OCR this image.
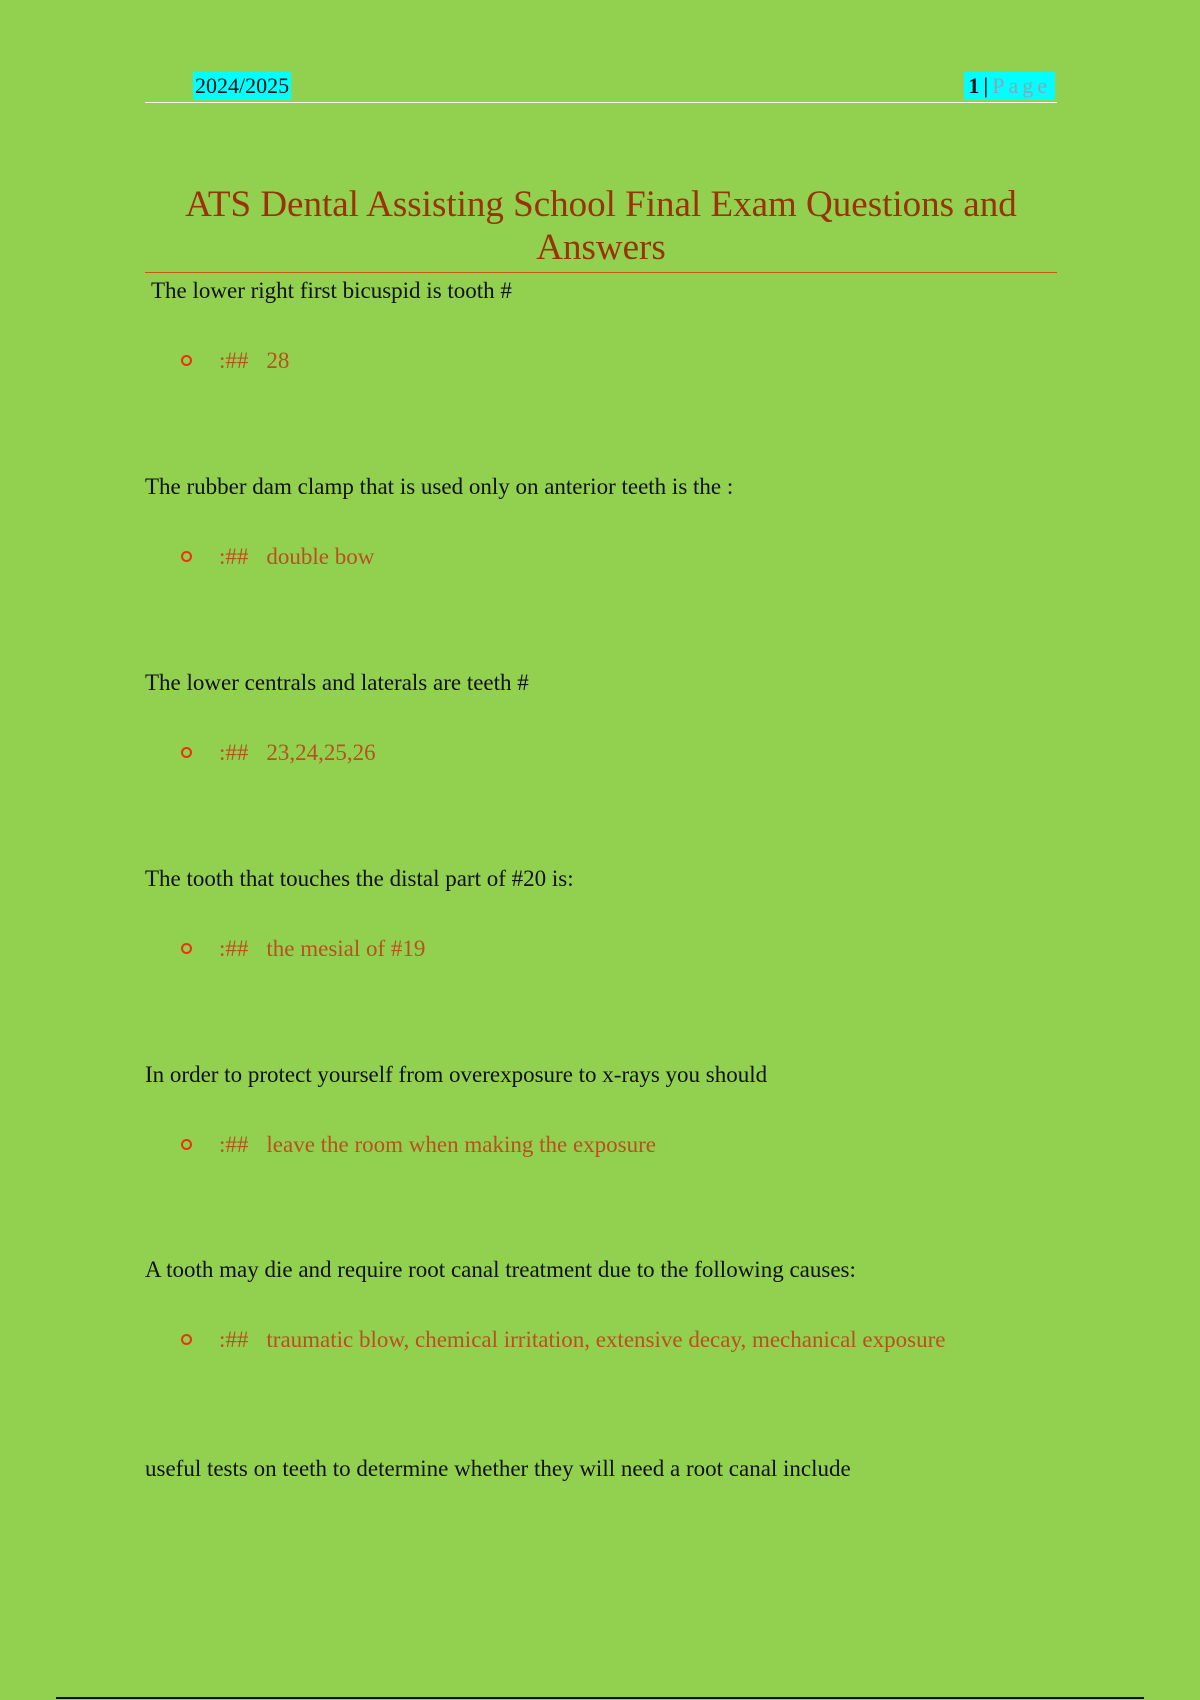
2024/2025	1 | Page
ATS Dental Assisting School Final Exam Questions and Answers

The lower right first bicuspid is tooth #

:## 28

The rubber dam clamp that is used only on anterior teeth is the :

:## double bow

The lower centrals and laterals are teeth #

:## 23,24,25,26

The tooth that touches the distal part of #20 is:

:## the mesial of #19

In order to protect yourself from overexposure to x-rays you should

:## leave the room when making the exposure

A tooth may die and require root canal treatment due to the following causes:

:## traumatic blow, chemical irritation, extensive decay, mechanical exposure

useful tests on teeth to determine whether they will need a root canal include
